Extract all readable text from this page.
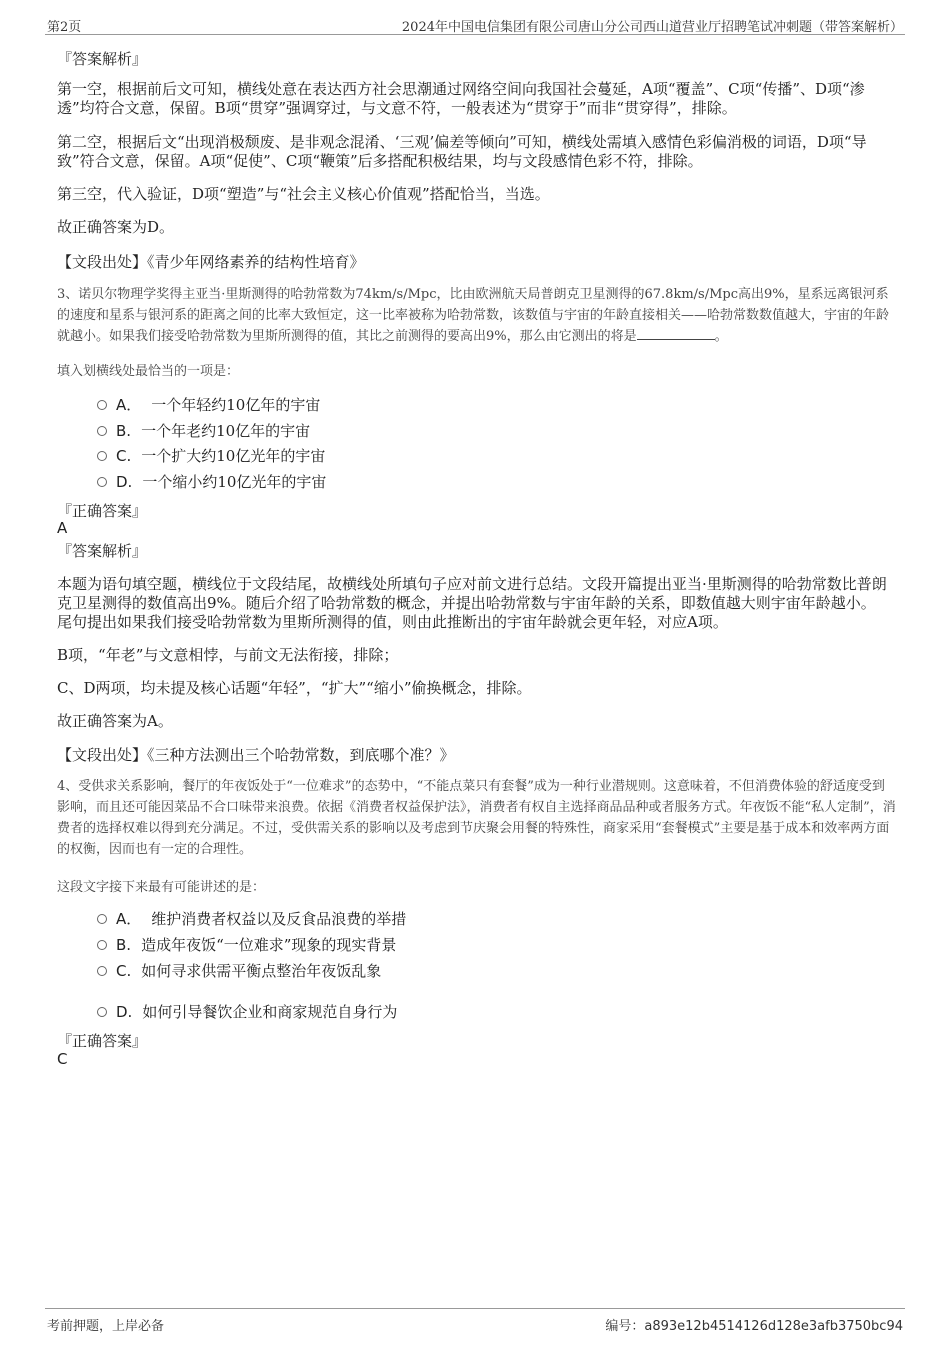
第2页	2024年中国电信集团有限公司唐山分公司西山道营业厅招聘笔试冲刺题（带答案解析）
『答案解析』
第一空，根据前后文可知，横线处意在表达西方社会思潮通过网络空间向我国社会蔓延，A项“覆盖”、C项“传播”、D项“渗透”均符合文意，保留。B项“贯穿”强调穿过，与文意不符，一般表述为“贯穿于”而非“贯穿得”，排除。
第二空，根据后文“出现消极颓废、是非观念混淆、‘三观’偏差等倾向”可知，横线处需填入感情色彩偏消极的词语，D项“导致”符合文意，保留。A项“促使”、C项“鞭策”后多搭配积极结果，均与文段感情色彩不符，排除。
第三空，代入验证，D项“塑造”与“社会主义核心价值观”搭配恰当，当选。
故正确答案为D。
【文段出处】《青少年网络素养的结构性培育》
3、诺贝尔物理学奖得主亚当·里斯测得的哈勃常数为74km/s/Mpc，比由欧洲航天局普朗克卫星测得的67.8km/s/Mpc高出9%，星系远离银河系的速度和星系与银河系的距离之间的比率大致恒定，这一比率被称为哈勃常数，该数值与宇宙的年龄直接相关——哈勃常数数值越大，宇宙的年龄就越小。如果我们接受哈勃常数为里斯所测得的值，其比之前测得的要高出9%，那么由它测出的将是	。
填入划横线处最恰当的一项是：
A． 一个年轻约10亿年的宇宙
B. 一个年老约10亿年的宇宙
C. 一个扩大约10亿光年的宇宙
D. 一个缩小约10亿光年的宇宙
『正确答案』
A
『答案解析』
本题为语句填空题，横线位于文段结尾，故横线处所填句子应对前文进行总结。文段开篇提出亚当·里斯测得的哈勃常数比普朗克卫星测得的数值高出9%。随后介绍了哈勃常数的概念，并提出哈勃常数与宇宙年龄的关系，即数值越大则宇宙年龄越小。尾句提出如果我们接受哈勃常数为里斯所测得的值，则由此推断出的宇宙年龄就会更年轻，对应A项。
B项，“年老”与文意相悖，与前文无法衔接，排除；
C、D两项，均未提及核心话题“年轻”，“扩大”“缩小”偷换概念，排除。
故正确答案为A。
【文段出处】《三种方法测出三个哈勃常数，到底哪个准？》
4、受供求关系影响，餐厅的年夜饭处于“一位难求”的态势中，“不能点菜只有套餐”成为一种行业潜规则。这意味着，不但消费体验的舒适度受到影响，而且还可能因菜品不合口味带来浪费。依据《消费者权益保护法》，消费者有权自主选择商品品种或者服务方式。年夜饭不能“私人定制”，消费者的选择权难以得到充分满足。不过，受供需关系的影响以及考虑到节庆聚会用餐的特殊性，商家采用“套餐模式”主要是基于成本和效率两方面的权衡，因而也有一定的合理性。
这段文字接下来最有可能讲述的是：
A． 维护消费者权益以及反食品浪费的举措
B. 造成年夜饭“一位难求”现象的现实背景
C. 如何寻求供需平衡点整治年夜饭乱象
D. 如何引导餐饮企业和商家规范自身行为
『正确答案』
C
考前押题，上岸必备	编号：a893e12b4514126d128e3afb3750bc94
